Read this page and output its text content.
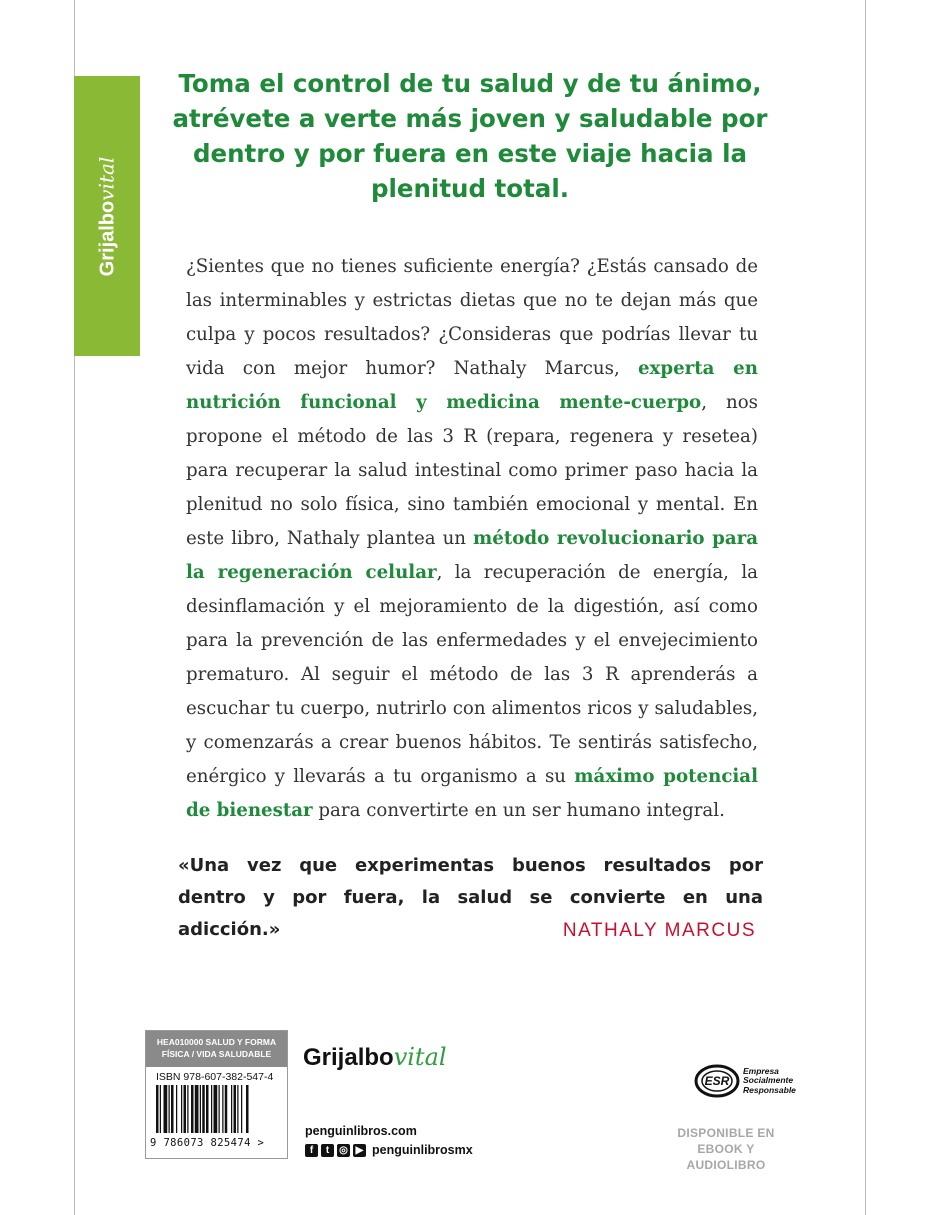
Grijalbovital
Toma el control de tu salud y de tu ánimo, atrévete a verte más joven y saludable por dentro y por fuera en este viaje hacia la plenitud total.

¿Sientes que no tienes suficiente energía? ¿Estás cansado de las interminables y estrictas dietas que no te dejan más que culpa y pocos resultados? ¿Consideras que podrías llevar tu vida con mejor humor? Nathaly Marcus, experta en nutrición funcional y medicina mente-cuerpo, nos propone el método de las 3 R (repara, regenera y resetea) para recuperar la salud intestinal como primer paso hacia la plenitud no solo física, sino también emocional y mental. En este libro, Nathaly plantea un método revolucionario para la regeneración celular, la recuperación de energía, la desinflamación y el mejoramiento de la digestión, así como para la prevención de las enfermedades y el envejecimiento prematuro. Al seguir el método de las 3 R aprenderás a escuchar tu cuerpo, nutrirlo con alimentos ricos y saludables, y comenzarás a crear buenos hábitos. Te sentirás satisfecho, enérgico y llevarás a tu organismo a su máximo potencial de bienestar para convertirte en un ser humano integral.

«Una vez que experimentas buenos resultados por dentro y por fuera, la salud se convierte en una adicción.»	NATHALY MARCUS
HEA010000 SALUD Y FORMA FÍSICA / VIDA SALUDABLE
ISBN 978-607-382-547-4
9 786073 825474 >
Grijalbovital
penguinlibros.com
f	t ◎ ▶ penguinlibrosmx
ESR
Empresa
Socialmente
Responsable
DISPONIBLE EN
EBOOK Y AUDIOLIBRO
